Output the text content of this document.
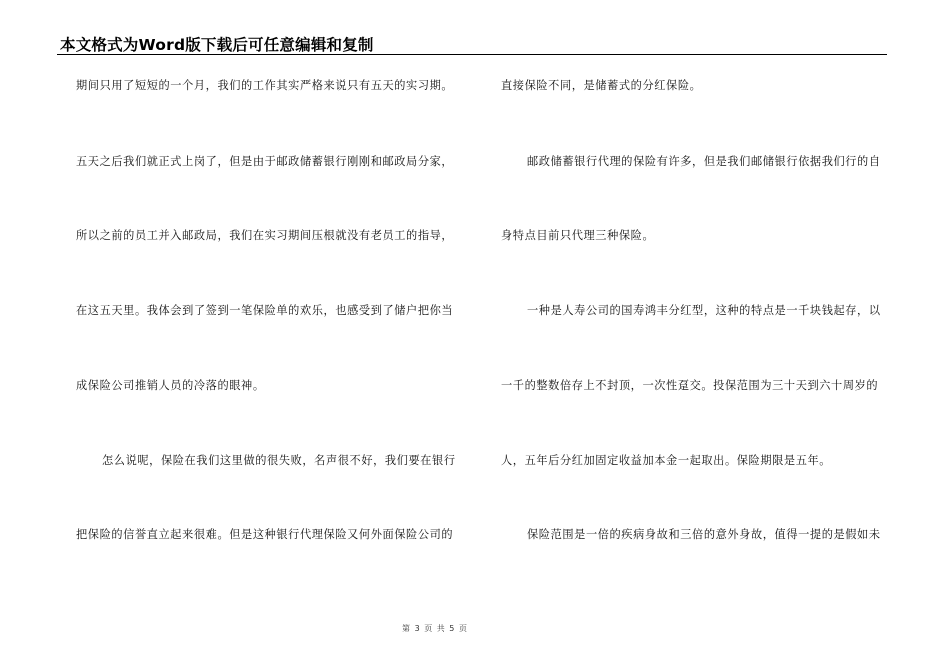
本文格式为Word版下载后可任意编辑和复制
期间只用了短短的一个月，我们的工作其实严格来说只有五天的实习期。
五天之后我们就正式上岗了，但是由于邮政储蓄银行刚刚和邮政局分家，
所以之前的员工并入邮政局，我们在实习期间压根就没有老员工的指导，
在这五天里。我体会到了签到一笔保险单的欢乐，也感受到了储户把你当
成保险公司推销人员的冷落的眼神。
怎么说呢，保险在我们这里做的很失败，名声很不好，我们要在银行
把保险的信誉直立起来很难。但是这种银行代理保险又何外面保险公司的
直接保险不同，是储蓄式的分红保险。
邮政储蓄银行代理的保险有许多，但是我们邮储银行依据我们行的自
身特点目前只代理三种保险。
一种是人寿公司的国寿鸿丰分红型，这种的特点是一千块钱起存，以
一千的整数倍存上不封顶，一次性趸交。投保范围为三十天到六十周岁的
人，五年后分红加固定收益加本金一起取出。保险期限是五年。
保险范围是一倍的疾病身故和三倍的意外身故，值得一提的是假如未
第 3 页 共 5 页
